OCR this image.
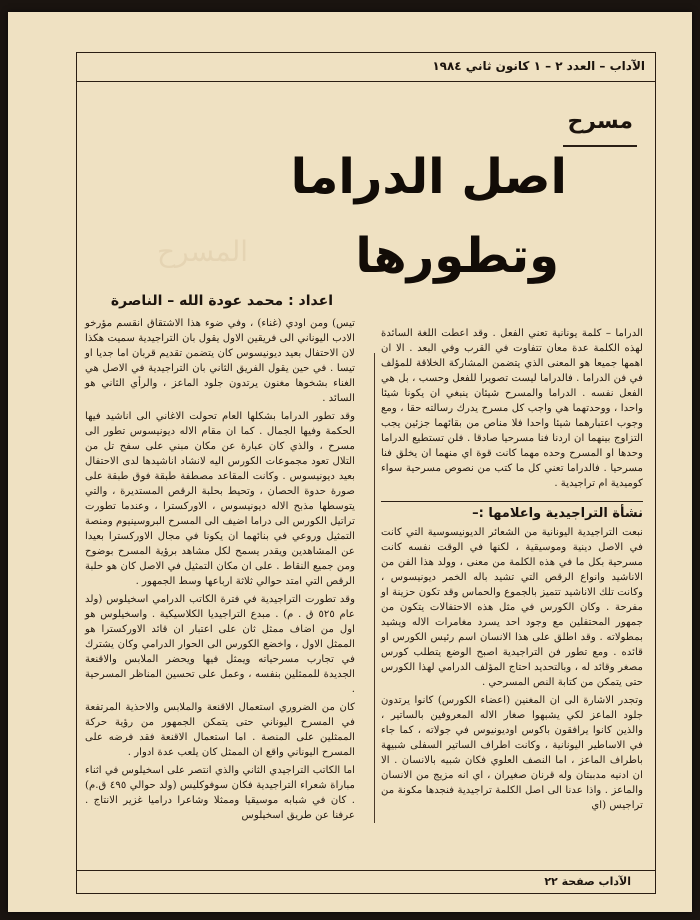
الآداب – العدد ٢ – ١ كانون ثاني ١٩٨٤
مسرح
المسرح
اصل الدراما
وتطورها
اعداد : محمد عودة الله – الناصرة

الدراما – كلمة يونانية تعني الفعل . وقد اعطت اللغة السائدة لهذه الكلمة عدة معان تتفاوت في القرب وفي البعد . الا ان اهمها جميعا هو المعنى الذي يتضمن المشاركة الخلاقة للمؤلف في فن الدراما . فالدراما ليست تصويرا للفعل وحسب ، بل هي الفعل نفسه . الدراما والمسرح شيئان ينبغي ان يكونا شيئا واحدا ، ووحدتهما هي واجب كل مسرح يدرك رسالته حقا ، ومع وجوب اعتبارهما شيئا واحدا فلا مناص من بقائهما جزئين يجب التزاوج بينهما ان اردنا فنا مسرحيا صادقا . فلن تستطيع الدراما وحدها او المسرح وحده مهما كانت قوة اي منهما ان يخلق فنا مسرحيا . فالدراما تعني كل ما كتب من نصوص مسرحية سواء كوميدية ام تراجيدية .

نشأة التراجيدية واعلامها :–

نبعت التراجيدية اليونانية من الشعائر الديونيسوسية التي كانت في الاصل دينية وموسيقية ، لكنها في الوقت نفسه كانت مسرحية بكل ما في هذه الكلمة من معنى ، وولد هذا الفن من الاناشيد وانواع الرقص التي تشيد باله الخمر ديونيسوس ، وكانت تلك الاناشيد تتميز بالجموع والحماس وقد تكون حزينة او مفرحة . وكان الكورس في مثل هذه الاحتفالات يتكون من جمهور المحتفلين مع وجود احد يسرد مغامرات الاله ويشيد بمطولاته . وقد اطلق على هذا الانسان اسم رئيس الكورس او قائده . ومع تطور فن التراجيدية اصبح الوضع يتطلب كورس مصغر وقائد له ، وبالتحديد احتاج المؤلف الدرامي لهذا الكورس حتى يتمكن من كتابة النص المسرحي .

وتجدر الاشارة الى ان المغنين (اعضاء الكورس) كانوا يرتدون جلود الماعز لكي يشبهوا صغار الاله المعروفين بالساتير ، والذين كانوا يرافقون باكوس اوديونيوس في جولاته ، كما جاء في الاساطير اليونانية ، وكانت اطراف الساتير السفلى شبيهة باطراف الماعز ، اما النصف العلوي فكان شبيه بالانسان . الا ان ادنيه مدببتان وله قرنان صغيران ، اي انه مزيج من الانسان والماعز . واذا عدنا الى اصل الكلمة تراجيدية فنجدها مكونة من تراجيس (اي

تيس) ومن اودي (غناء) ، وفي ضوء هذا الاشتقاق انقسم مؤرخو الادب اليوناني الى فريقين الاول يقول بان التراجيدية سميت هكذا لان الاحتفال بعيد ديونيسوس كان يتضمن تقديم قربان اما جديا او تيسا . في حين يقول الفريق الثاني بان التراجيدية في الاصل هي الغناء بشخوها مغنون يرتدون جلود الماعز ، والرأي الثاني هو السائد .

وقد تطور الدراما بشكلها العام تحولت الاغاني الى اناشيد فيها الحكمة وفيها الجمال . كما ان مقام الاله ديونيسوس تطور الى مسرح ، والذي كان عبارة عن مكان مبني على سفح تل من التلال تعود مجموعات الكورس اليه لانشاد اناشيدها لدى الاحتفال بعيد ديونيسوس . وكانت المقاعد مصطفة طبقة فوق طبقة على صورة حدوة الحصان ، وتحيط بحلبة الرقص المستديرة ، والتي يتوسطها مذبح الاله ديونيسوس ، الاوركسترا ، وعندما تطورت تراتيل الكورس الى دراما اضيف الى المسرح البروسينيوم ومنصة التمثيل وروعي في بنائهما ان يكونا في مجال الاوركسترا بعيدا عن المشاهدين ويقدر يسمح لكل مشاهد برؤية المسرح بوضوح ومن جميع النقاط . على ان مكان التمثيل في الاصل كان هو حلبة الرقص التي امتد حوالي ثلاثة ارباعها وسط الجمهور .

وقد تطورت التراجيدية في فترة الكاتب الدرامي اسخيلوس (ولد عام ٥٢٥ ق . م) . مبدع التراجيديا الكلاسيكية . واسخيلوس هو اول من اضاف ممثل ثان على اعتبار ان قائد الاوركسترا هو الممثل الاول ، واخضع الكورس الى الحوار الدرامي وكان يشترك في تجارب مسرحياته ويمثل فيها ويحضر الملابس والاقنعة الجديدة للممثلين بنفسه ، وعمل على تحسين المناظر المسرحية .

كان من الضروري استعمال الاقنعة والملابس والاحذية المرتفعة في المسرح اليوناني حتى يتمكن الجمهور من رؤية حركة الممثلين على المنصة . اما استعمال الاقنعة فقد فرضه على المسرح اليوناني واقع ان الممثل كان يلعب عدة ادوار .

اما الكاتب التراجيدي الثاني والذي انتصر على اسخيلوس في اثناء مباراة شعراء التراجيدية فكان سوفوكليس (ولد حوالي ٤٩٥ ق.م) . كان في شبابه موسيقيا وممثلا وشاعرا دراميا غزير الانتاج . عرفنا عن طريق اسخيلوس

الآداب صفحة ٢٢
